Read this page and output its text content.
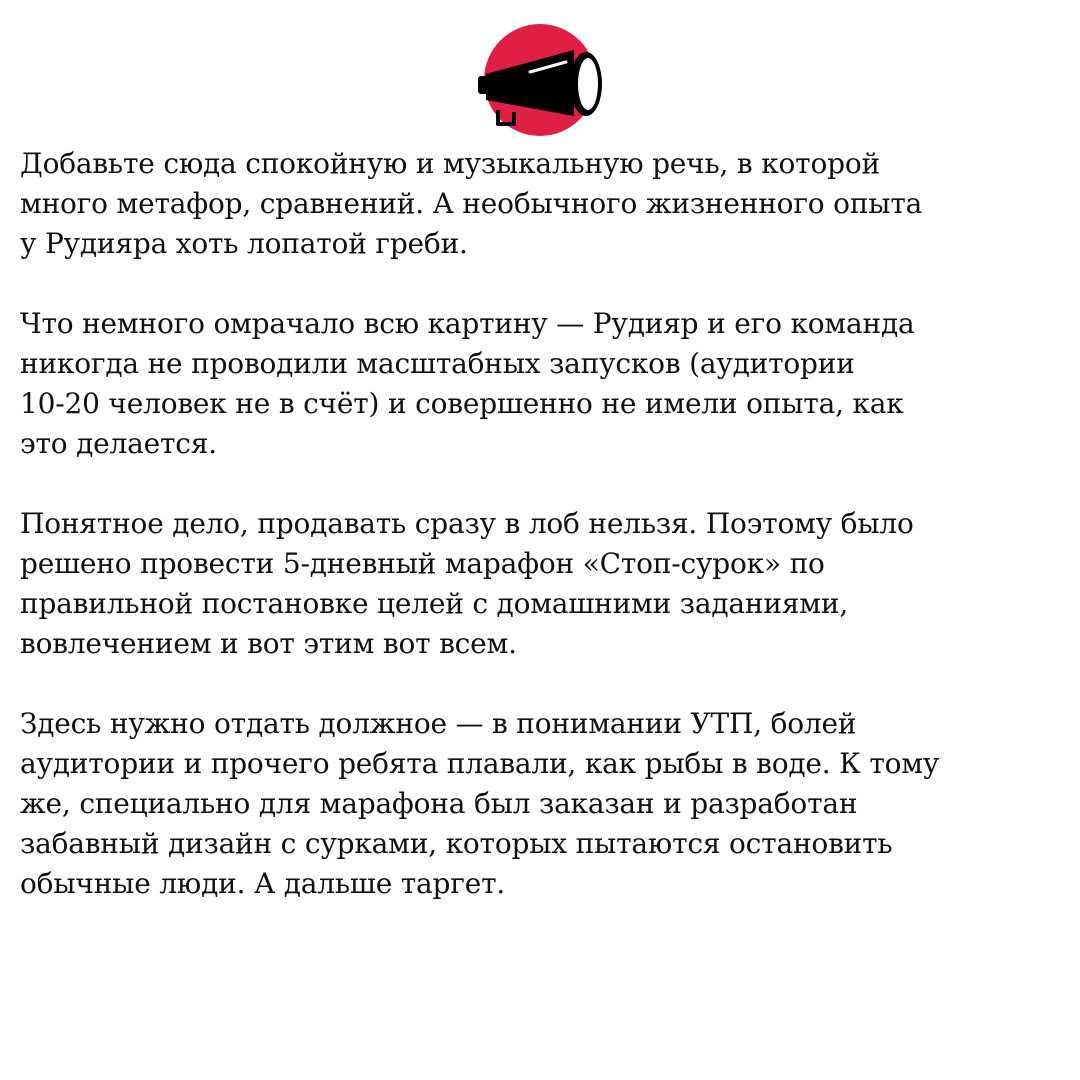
Добавьте сюда спокойную и музыкальную речь, в которой
много метафор, сравнений. А необычного жизненного опыта
у Рудияра хоть лопатой греби.

Что немного омрачало всю картину — Рудияр и его команда
никогда не проводили масштабных запусков (аудитории
10-20 человек не в счёт) и совершенно не имели опыта, как
это делается.

Понятное дело, продавать сразу в лоб нельзя. Поэтому было
решено провести 5-дневный марафон «Стоп-сурок» по
правильной постановке целей с домашними заданиями,
вовлечением и вот этим вот всем.

Здесь нужно отдать должное — в понимании УТП, болей
аудитории и прочего ребята плавали, как рыбы в воде. К тому
же, специально для марафона был заказан и разработан
забавный дизайн с сурками, которых пытаются остановить
обычные люди. А дальше таргет.
